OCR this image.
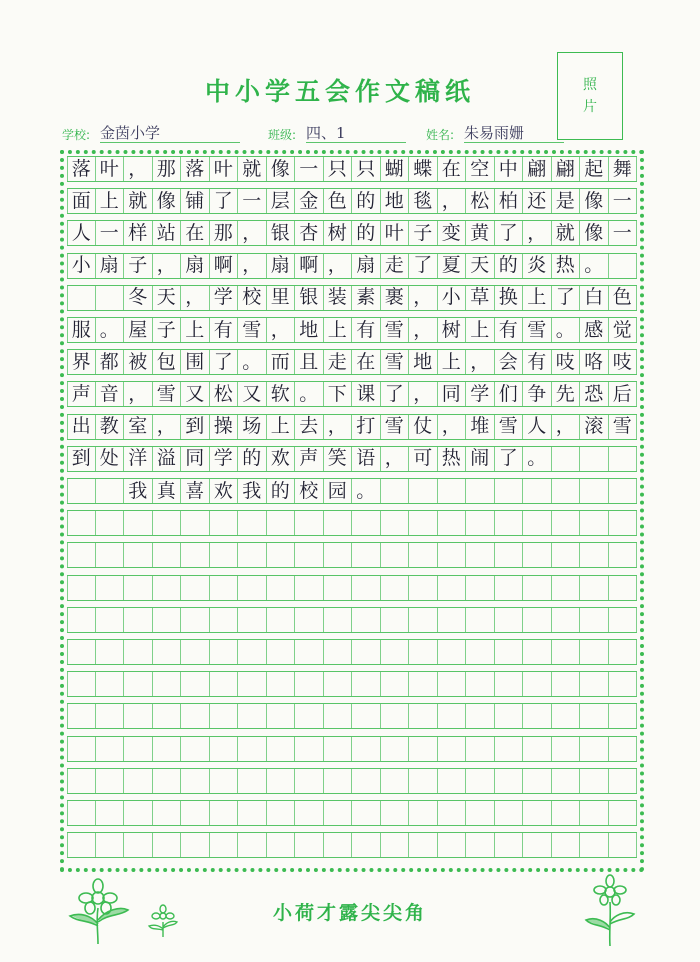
中小学五会作文稿纸	照
片
学校: 金茵小学	班级: 四、1	姓名: 朱易雨姗
落 叶 ， 那 落 叶 就 像 一 只 只 蝴 蝶 在 空 中 翩 翩 起 舞
面 上 就 像 铺 了 一 层 金 色 的 地 毯 ， 松 柏 还 是 像 一
人 一 样 站 在 那 ， 银 杏 树 的 叶 子 变 黄 了 ， 就 像 一
小 扇 子 ， 扇 啊 ， 扇 啊 ， 扇 走 了 夏 天 的 炎 热 。

冬 天 ， 学 校 里 银 装 素 裹 ， 小 草 换 上 了 白 色
服 。 屋 子 上 有 雪 ， 地 上 有 雪 ， 树 上 有 雪 。 感 觉
界 都 被 包 围 了 。 而 且 走 在 雪 地 上 ， 会 有 吱 咯 吱
声 音 ， 雪 又 松 又 软 。 下 课 了 ， 同 学 们 争 先 恐 后
出 教 室 ， 到 操 场 上 去 ， 打 雪 仗 ， 堆 雪 人 ， 滚 雪
到 处 洋 溢 同 学 的 欢 声 笑 语 ， 可 热 闹 了 。

我 真 喜 欢 我 的 校 园 。
小荷才露尖尖角
